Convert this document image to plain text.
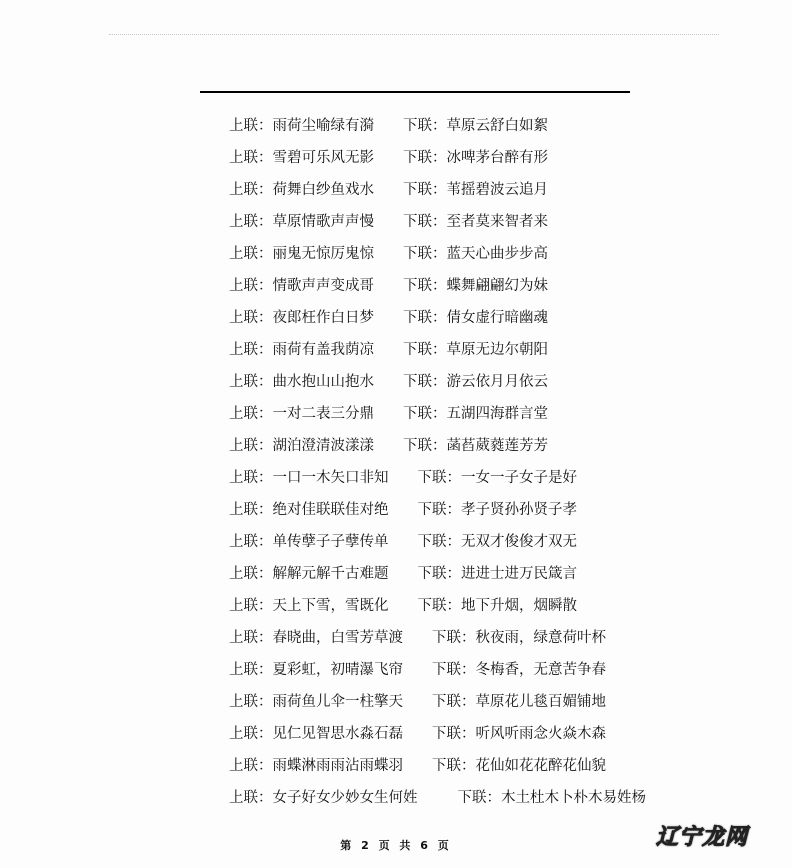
上联：雨荷尘喻绿有漪 下联：草原云舒白如絮
上联：雪碧可乐风无影 下联：冰啤茅台醉有形
上联：荷舞白纱鱼戏水 下联：苇摇碧波云追月
上联：草原情歌声声慢 下联：至者莫来智者来
上联：丽鬼无惊厉鬼惊 下联：蓝天心曲步步高
上联：情歌声声变成哥 下联：蝶舞翩翩幻为妹
上联：夜郎枉作白日梦 下联：倩女虚行暗幽魂
上联：雨荷有盖我荫凉 下联：草原无边尔朝阳
上联：曲水抱山山抱水 下联：游云依月月依云
上联：一对二表三分鼎 下联：五湖四海群言堂
上联：湖泊澄清波漾漾 下联：菡萏葳蕤莲芳芳
上联：一口一木矢口非知 下联：一女一子女子是好
上联：绝对佳联联佳对绝 下联：孝子贤孙孙贤子孝
上联：单传孽子子孽传单 下联：无双才俊俊才双无
上联：解解元解千古难题 下联：进进士进万民箴言
上联：天上下雪，雪既化 下联：地下升烟，烟瞬散
上联：春晓曲，白雪芳草渡 下联：秋夜雨，绿意荷叶杯
上联：夏彩虹，初晴瀑飞帘 下联：冬梅香，无意苦争春
上联：雨荷鱼儿伞一柱擎天 下联：草原花儿毯百媚铺地
上联：见仁见智思水淼石磊 下联：听风听雨念火焱木森
上联：雨蝶淋雨雨沾雨蝶羽 下联：花仙如花花醉花仙貌
上联：女子好女少妙女生何姓	下联：木土杜木卜朴木易姓杨
第 2 页 共 6 页	辽宁龙网
